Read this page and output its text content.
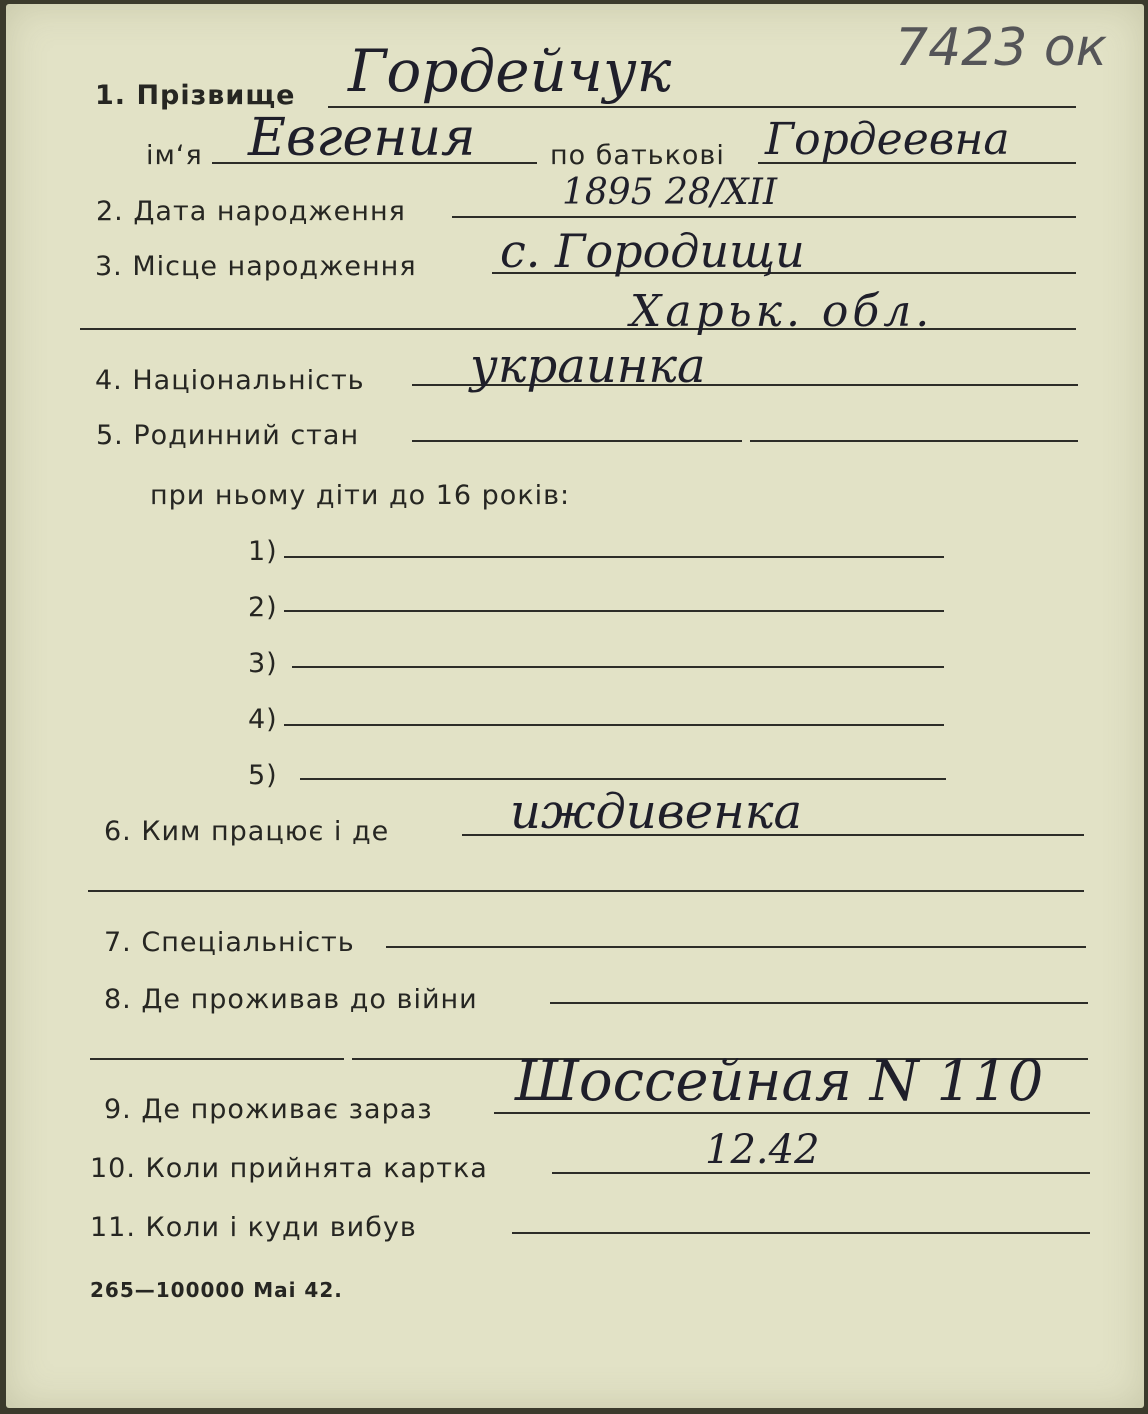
7423 ок
1. Прізвище Гордейчук
ім‘я Евгения	по батькові Гордеевна
2. Дата народження	1895 28/XII
3. Місце народження с. Городищи
Харьк. обл.
4. Національність украинка
5. Родинний стан
при ньому діти до 16 років:
1)
2)
3)
4)
5)
6. Ким працює і де	иждивенка
7. Спеціальність
8. Де проживав до війни
9. Де проживає зараз Шоссейная N 110
10. Коли прийнята картка	12.42
11. Коли і куди вибув
265—100000 Mai 42.
